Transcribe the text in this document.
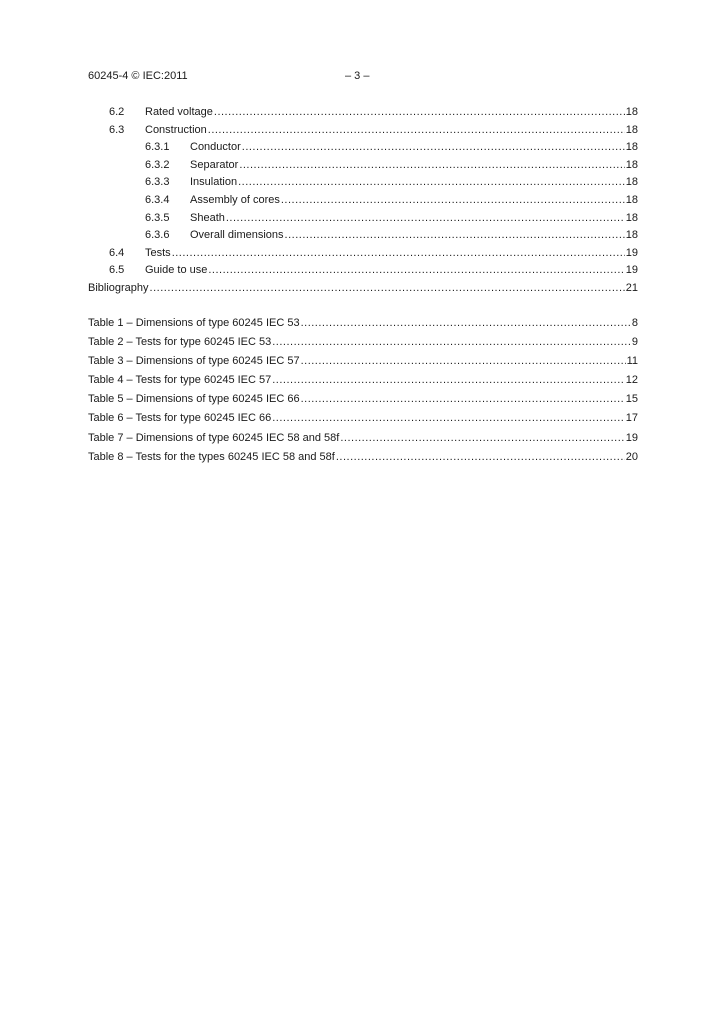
60245-4 © IEC:2011	– 3 –
6.2	Rated voltage .....	18
6.3	Construction .....	18
6.3.1	Conductor .....	18
6.3.2	Separator .....	18
6.3.3	Insulation .....	18
6.3.4	Assembly of cores .....	18
6.3.5	Sheath .....	18
6.3.6	Overall dimensions .....	18
6.4	Tests .....	19
6.5	Guide to use .....	19
Bibliography .....	21
Table 1 – Dimensions of type 60245 IEC 53 .....	8
Table 2 – Tests for type 60245 IEC 53 .....	9
Table 3 – Dimensions of type 60245 IEC 57 .....	11
Table 4 – Tests for type 60245 IEC 57 .....	12
Table 5 – Dimensions of type 60245 IEC 66 .....	15
Table 6 – Tests for type 60245 IEC 66 .....	17
Table 7 – Dimensions of type 60245 IEC 58 and 58f .....	19
Table 8 – Tests for the types 60245 IEC 58 and 58f .....	20
